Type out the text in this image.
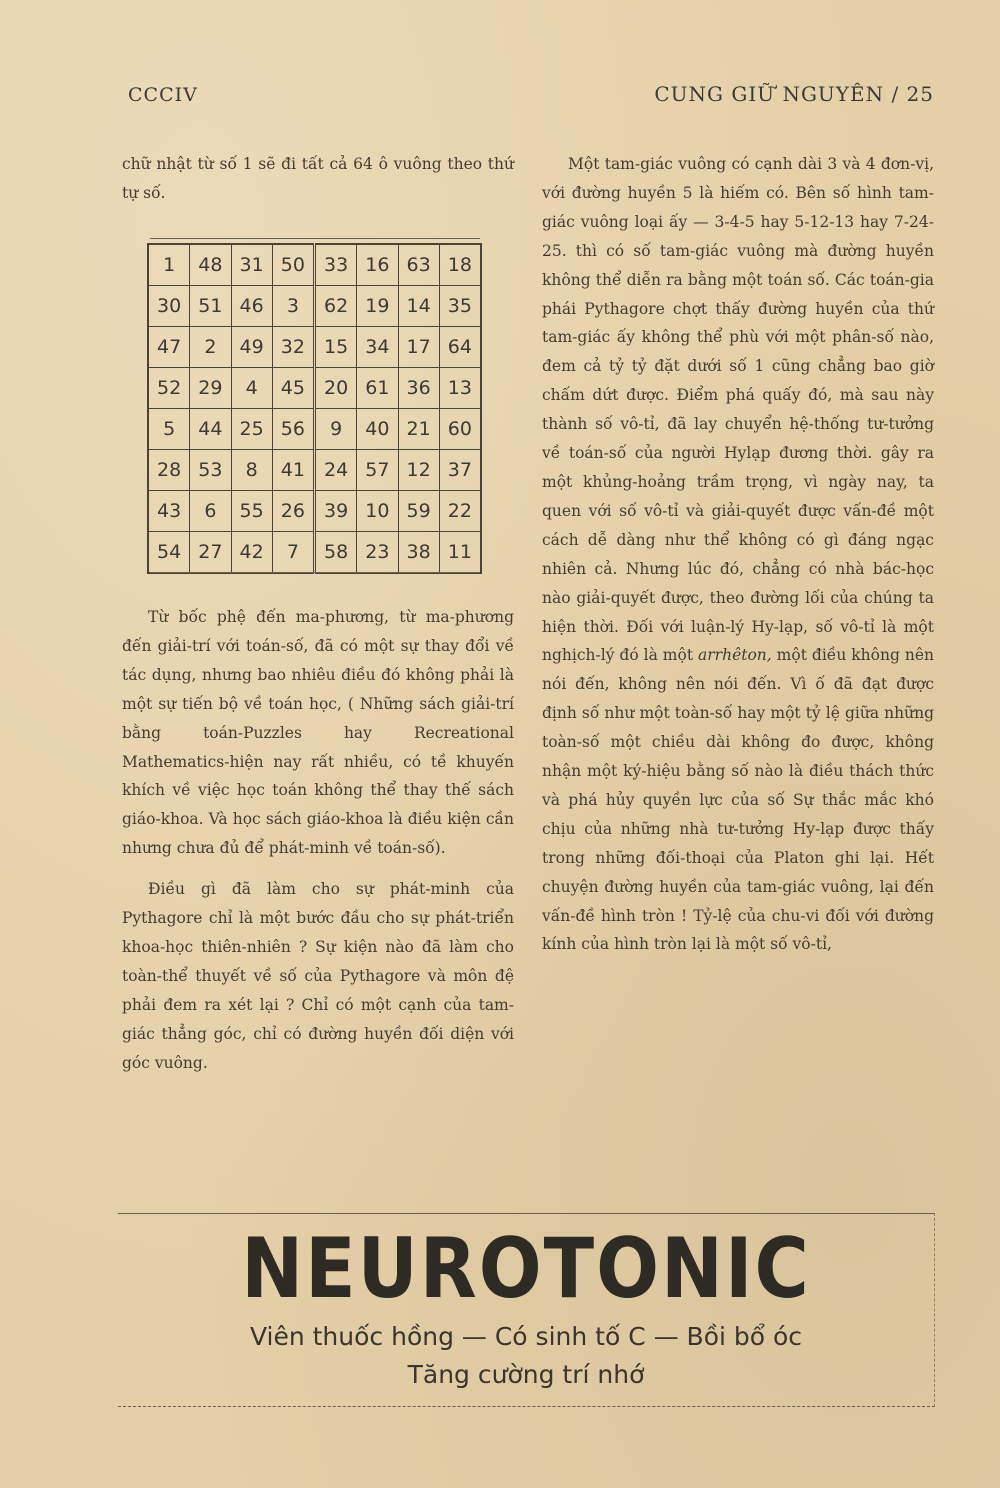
CCCIV	CUNG GIỮ NGUYÊN / 25

chữ nhật từ số 1 sẽ đi tất cả 64 ô vuông theo thứ tự số.

1	48	31	50	33	16	63	18
30	51	46	3	62	19	14	35
47	2	49	32	15	34	17	64
52	29	4	45	20	61	36	13
5	44	25	56	9	40	21	60
28	53	8	41	24	57	12	37
43	6	55	26	39	10	59	22
54	27	42	7	58	23	38	11

Từ bốc phệ đến ma-phương, từ ma-phương đến giải-trí với toán-số, đã có một sự thay đổi về tác dụng, nhưng bao nhiêu điều đó không phải là một sự tiến bộ về toán học, ( Những sách giải-trí bằng toán-Puzzles hay Recreational Mathematics-hiện nay rất nhiều, có tề khuyến khích về việc học toán không thể thay thế sách giáo-khoa. Và học sách giáo-khoa là điều kiện cần nhưng chưa đủ để phát-minh về toán-số).

Điều gì đã làm cho sự phát-minh của Pythagore chỉ là một bước đầu cho sự phát-triển khoa-học thiên-nhiên ? Sự kiện nào đã làm cho toàn-thể thuyết về số của Pythagore và môn đệ phải đem ra xét lại ? Chỉ có một cạnh của tam-giác thẳng góc, chỉ có đường huyền đối diện với góc vuông.

Một tam-giác vuông có cạnh dài 3 và 4 đơn-vị, với đường huyền 5 là hiếm có. Bên số hình tam-giác vuông loại ấy — 3-4-5 hay 5-12-13 hay 7-24-25. thì có số tam-giác vuông mà đường huyền không thể diễn ra bằng một toán số. Các toán-gia phái Pythagore chợt thấy đường huyền của thứ tam-giác ấy không thể phù với một phân-số nào, đem cả tỷ tỷ đặt dưới số 1 cũng chẳng bao giờ chấm dứt được. Điểm phá quấy đó, mà sau này thành số vô-tỉ, đã lay chuyển hệ-thống tư-tưởng về toán-số của người Hylạp đương thời. gây ra một khủng-hoảng trầm trọng, vì ngày nay, ta quen với số vô-tỉ và giải-quyết được vấn-đề một cách dễ dàng như thể không có gì đáng ngạc nhiên cả. Nhưng lúc đó, chẳng có nhà bác-học nào giải-quyết được, theo đường lối của chúng ta hiện thời. Đối với luận-lý Hy-lạp, số vô-tỉ là một nghịch-lý đó là một arrhêton, một điều không nên nói đến, không nên nói đến. Vì ố đã đạt được định số như một toàn-số hay một tỷ lệ giữa những toàn-số một chiều dài không đo được, không nhận một ký-hiệu bằng số nào là điều thách thức và phá hủy quyền lực của số Sự thắc mắc khó chịu của những nhà tư-tưởng Hy-lạp được thấy trong những đối-thoại của Platon ghi lại. Hết chuyện đường huyền của tam-giác vuông, lại đến vấn-đề hình tròn ! Tỷ-lệ của chu-vi đối với đường kính của hình tròn lại là một số vô-tỉ,

NEUROTONIC
Viên thuốc hồng — Có sinh tố C — Bồi bổ óc
Tăng cường trí nhớ
